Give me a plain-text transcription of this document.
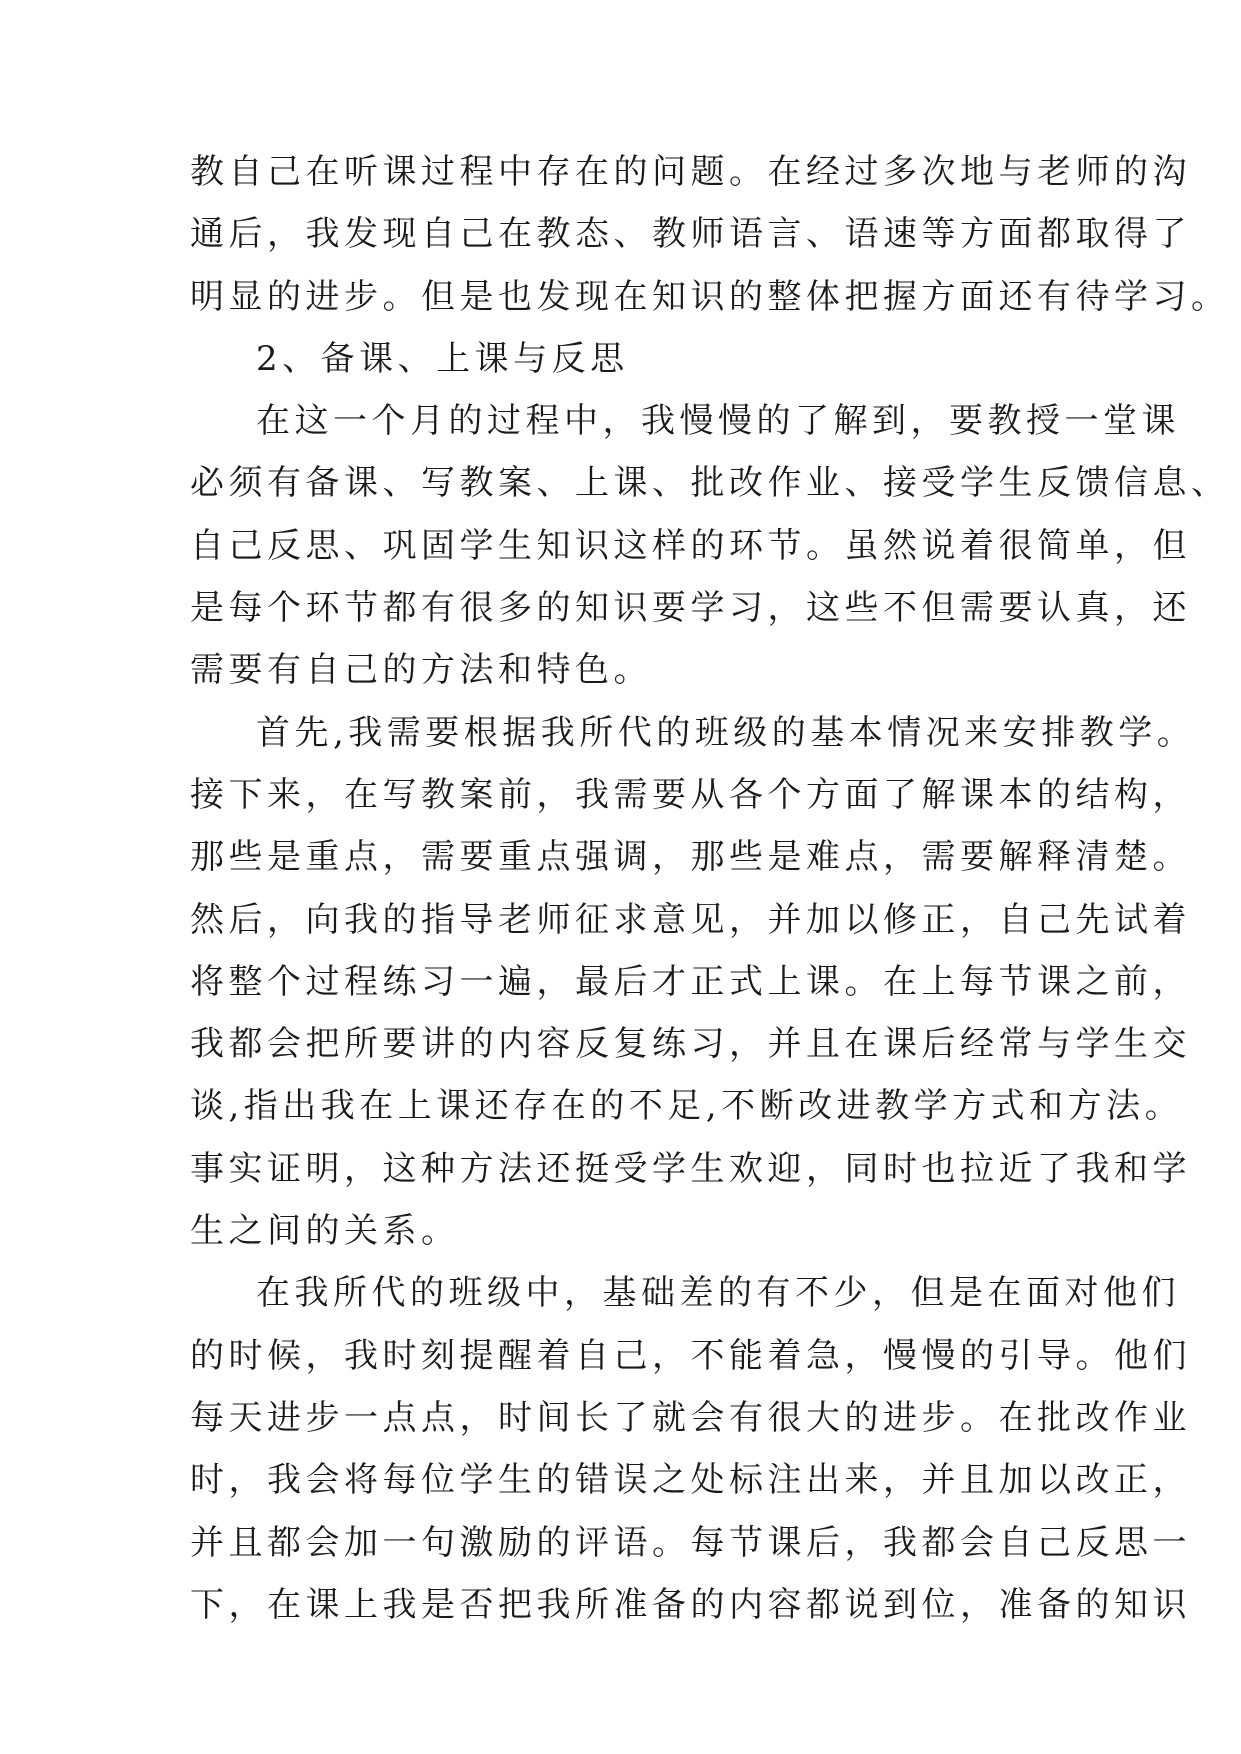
教自己在听课过程中存在的问题。在经过多次地与老师的沟
通后，我发现自己在教态、教师语言、语速等方面都取得了
明显的进步。但是也发现在知识的整体把握方面还有待学习。
2、备课、上课与反思
在这一个月的过程中，我慢慢的了解到，要教授一堂课
必须有备课、写教案、上课、批改作业、接受学生反馈信息、
自己反思、巩固学生知识这样的环节。虽然说着很简单，但
是每个环节都有很多的知识要学习，这些不但需要认真，还
需要有自己的方法和特色。
首先,我需要根据我所代的班级的基本情况来安排教学。
接下来，在写教案前，我需要从各个方面了解课本的结构，
那些是重点，需要重点强调，那些是难点，需要解释清楚。
然后，向我的指导老师征求意见，并加以修正，自己先试着
将整个过程练习一遍，最后才正式上课。在上每节课之前，
我都会把所要讲的内容反复练习，并且在课后经常与学生交
谈,指出我在上课还存在的不足,不断改进教学方式和方法。
事实证明，这种方法还挺受学生欢迎，同时也拉近了我和学
生之间的关系。
在我所代的班级中，基础差的有不少，但是在面对他们
的时候，我时刻提醒着自己，不能着急，慢慢的引导。他们
每天进步一点点，时间长了就会有很大的进步。在批改作业
时，我会将每位学生的错误之处标注出来，并且加以改正，
并且都会加一句激励的评语。每节课后，我都会自己反思一
下，在课上我是否把我所准备的内容都说到位，准备的知识
